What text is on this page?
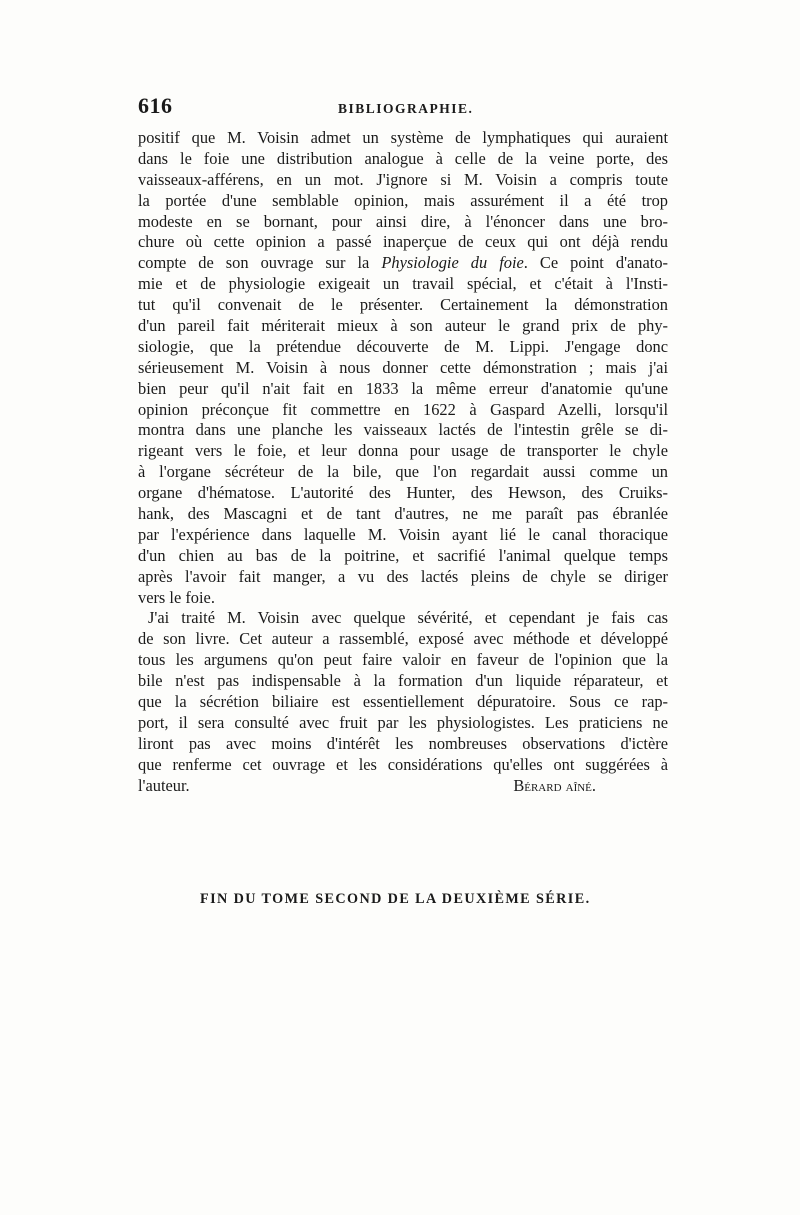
616	BIBLIOGRAPHIE.
positif que M. Voisin admet un système de lymphatiques qui auraient
dans le foie une distribution analogue à celle de la veine porte, des
vaisseaux-afférens, en un mot. J'ignore si M. Voisin a compris toute
la portée d'une semblable opinion, mais assurément il a été trop
modeste en se bornant, pour ainsi dire, à l'énoncer dans une bro-
chure où cette opinion a passé inaperçue de ceux qui ont déjà rendu
compte de son ouvrage sur la Physiologie du foie. Ce point d'anato-
mie et de physiologie exigeait un travail spécial, et c'était à l'Insti-
tut qu'il convenait de le présenter. Certainement la démonstration
d'un pareil fait mériterait mieux à son auteur le grand prix de phy-
siologie, que la prétendue découverte de M. Lippi. J'engage donc
sérieusement M. Voisin à nous donner cette démonstration ; mais j'ai
bien peur qu'il n'ait fait en 1833 la même erreur d'anatomie qu'une
opinion préconçue fit commettre en 1622 à Gaspard Azelli, lorsqu'il
montra dans une planche les vaisseaux lactés de l'intestin grêle se di-
rigeant vers le foie, et leur donna pour usage de transporter le chyle
à l'organe sécréteur de la bile, que l'on regardait aussi comme un
organe d'hématose. L'autorité des Hunter, des Hewson, des Cruiks-
hank, des Mascagni et de tant d'autres, ne me paraît pas ébranlée
par l'expérience dans laquelle M. Voisin ayant lié le canal thoracique
d'un chien au bas de la poitrine, et sacrifié l'animal quelque temps
après l'avoir fait manger, a vu des lactés pleins de chyle se diriger
vers le foie.
J'ai traité M. Voisin avec quelque sévérité, et cependant je fais cas
de son livre. Cet auteur a rassemblé, exposé avec méthode et développé
tous les argumens qu'on peut faire valoir en faveur de l'opinion que la
bile n'est pas indispensable à la formation d'un liquide réparateur, et
que la sécrétion biliaire est essentiellement dépuratoire. Sous ce rap-
port, il sera consulté avec fruit par les physiologistes. Les praticiens ne
liront pas avec moins d'intérêt les nombreuses observations d'ictère
que renferme cet ouvrage et les considérations qu'elles ont suggérées à
l'auteur.	Bérard aîné.
FIN DU TOME SECOND DE LA DEUXIÈME SÉRIE.
